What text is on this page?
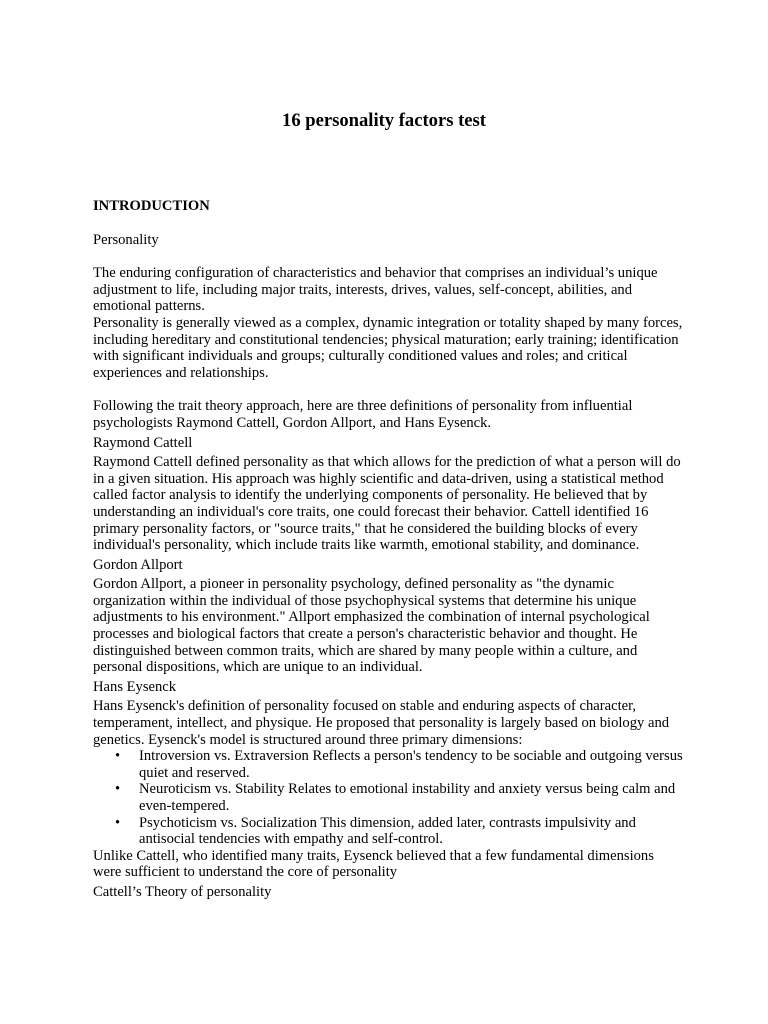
16 personality factors test

INTRODUCTION

Personality

The enduring configuration of characteristics and behavior that comprises an individual’s unique adjustment to life, including major traits, interests, drives, values, self-concept, abilities, and emotional patterns.

Personality is generally viewed as a complex, dynamic integration or totality shaped by many forces, including hereditary and constitutional tendencies; physical maturation; early training; identification with significant individuals and groups; culturally conditioned values and roles; and critical experiences and relationships.

Following the trait theory approach, here are three definitions of personality from influential psychologists Raymond Cattell, Gordon Allport, and Hans Eysenck.

Raymond Cattell

Raymond Cattell defined personality as that which allows for the prediction of what a person will do in a given situation. His approach was highly scientific and data-driven, using a statistical method called factor analysis to identify the underlying components of personality. He believed that by understanding an individual's core traits, one could forecast their behavior. Cattell identified 16 primary personality factors, or "source traits," that he considered the building blocks of every individual's personality, which include traits like warmth, emotional stability, and dominance.

Gordon Allport

Gordon Allport, a pioneer in personality psychology, defined personality as "the dynamic organization within the individual of those psychophysical systems that determine his unique adjustments to his environment." Allport emphasized the combination of internal psychological processes and biological factors that create a person's characteristic behavior and thought. He distinguished between common traits, which are shared by many people within a culture, and personal dispositions, which are unique to an individual.

Hans Eysenck

Hans Eysenck's definition of personality focused on stable and enduring aspects of character, temperament, intellect, and physique. He proposed that personality is largely based on biology and genetics. Eysenck's model is structured around three primary dimensions:

• Introversion vs. Extraversion Reflects a person's tendency to be sociable and outgoing versus quiet and reserved.
• Neuroticism vs. Stability Relates to emotional instability and anxiety versus being calm and even-tempered.
• Psychoticism vs. Socialization This dimension, added later, contrasts impulsivity and antisocial tendencies with empathy and self-control.

Unlike Cattell, who identified many traits, Eysenck believed that a few fundamental dimensions were sufficient to understand the core of personality

Cattell’s Theory of personality
